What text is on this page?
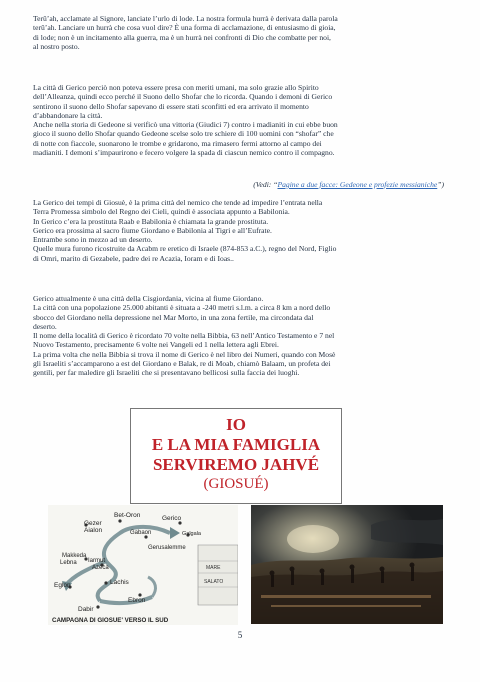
Terû’ah, acclamate al Signore, lanciate l’urlo di lode. La nostra formula hurrà è derivata dalla parola
terû’ah. Lanciare un hurrà che cosa vuol dire? È una forma di acclamazione, di entusiasmo di gioia,
di lode; non è un incitamento alla guerra, ma è un hurrà nei confronti di Dio che combatte per noi,
al nostro posto.

La città di Gerico perciò non poteva essere presa con meriti umani, ma solo grazie allo Spirito
dell’Alleanza, quindi ecco perché il Suono dello Shofar che lo ricorda. Quando i demoni di Gerico
sentirono il suono dello Shofar sapevano di essere stati sconfitti ed era arrivato il momento
d’abbandonare la città.
Anche nella storia di Gedeone si verificò una vittoria (Giudici 7) contro i madianiti in cui ebbe buon
gioco il suono dello Shofar quando Gedeone scelse solo tre schiere di 100 uomini con “shofar” che
di notte con fiaccole, suonarono le trombe e gridarono, ma rimasero fermi attorno al campo dei
madianiti. I demoni s’impaurirono e fecero volgere la spada di ciascun nemico contro il compagno.

(Vedi: “Pagine a due facce: Gedeone e profezie messianiche”)

La Gerico dei tempi di Giosuè, è la prima città del nemico che tende ad impedire l’entrata nella
Terra Promessa simbolo del Regno dei Cieli, quindi è associata appunto a Babilonia.
In Gerico c’era la prostituta Raab e Babilonia è chiamata la grande prostituta.
Gerico era prossima al sacro fiume Giordano e Babilonia al Tigri e all’Eufrate.
Entrambe sono in mezzo ad un deserto.
Quelle mura furono ricostruite da Acabm re eretico di Israele (874-853 a.C.), regno del Nord, Figlio
di Omri, marito di Gezabele, padre dei re Acazia, Ioram e di Ioas..

Gerico attualmente è una città della Cisgiordania, vicina al fiume Giordano.
La città con una popolazione 25.000 abitanti è situata a -240 metri s.l.m. a circa 8 km a nord dello
sbocco del Giordano nella depressione nel Mar Morto, in una zona fertile, ma circondata dal
deserto.
Il nome della località di Gerico è ricordato 70 volte nella Bibbia, 63 nell’Antico Testamento e 7 nel
Nuovo Testamento, precisamente 6 volte nei Vangeli ed 1 nella lettera agli Ebrei.
La prima volta che nella Bibbia si trova il nome di Gerico è nel libro dei Numeri, quando con Mosè
gli Israeliti s’accamparono a est del Giordano e Balak, re di Moab, chiamò Balaam, un profeta dei
gentili, per far maledire gli Israeliti che si presentavano bellicosi sulla faccia dei luoghi.

IO
E LA MIA FAMIGLIA
SERVIREMO JAHVÉ
(GIOSUÉ)
Gezer
Aialon
Bet-Oron
Gabaon
Gerico
Galgala
Gerusalemme
Makkeda
Lebna Iarmut
Azeca
Eglon	Lachis
Ebron
Dabir
MARE
SALATO
CAMPAGNA DI GIOSUE' VERSO IL SUD
5
